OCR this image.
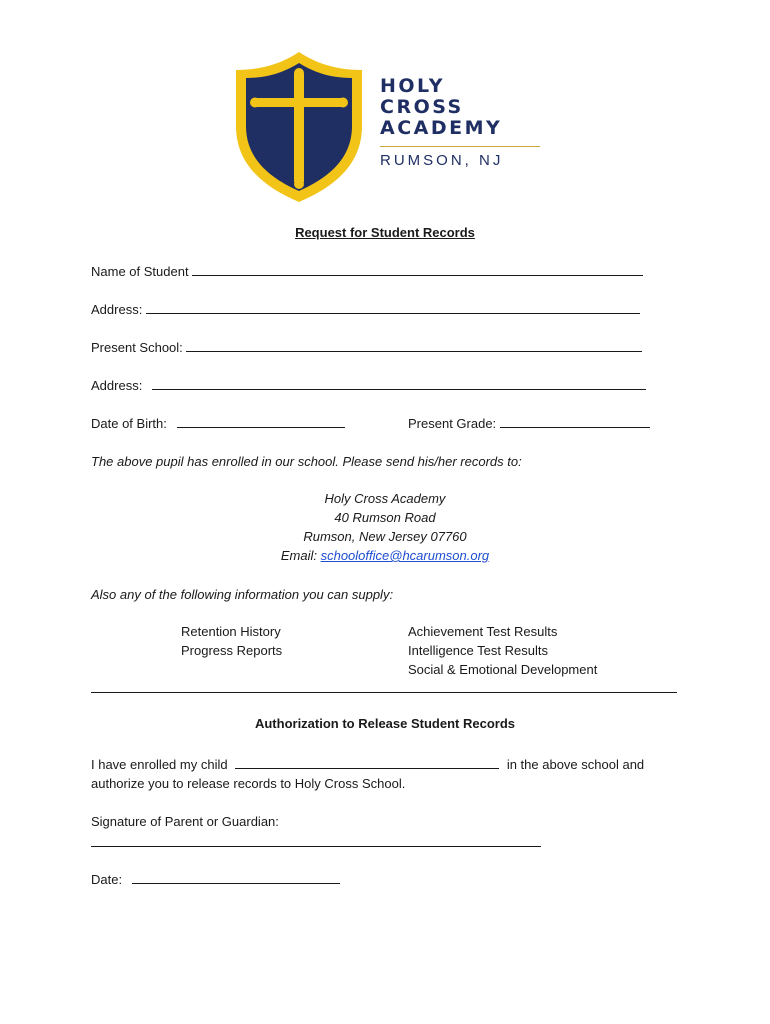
HOLY
CROSS
ACADEMY
RUMSON, NJ
Request for Student Records
Name of Student
Address:
Present School:
Address:
Date of Birth:	Present Grade:
The above pupil has enrolled in our school. Please send his/her records to:
Holy Cross Academy
40 Rumson Road
Rumson, New Jersey 07760
Email: schooloffice@hcarumson.org
Also any of the following information you can supply:
Retention History
Progress Reports
Achievement Test Results
Intelligence Test Results
Social & Emotional Development
Authorization to Release Student Records
I have enrolled my child	in the above school and
authorize you to release records to Holy Cross School.
Signature of Parent or Guardian:
Date:
